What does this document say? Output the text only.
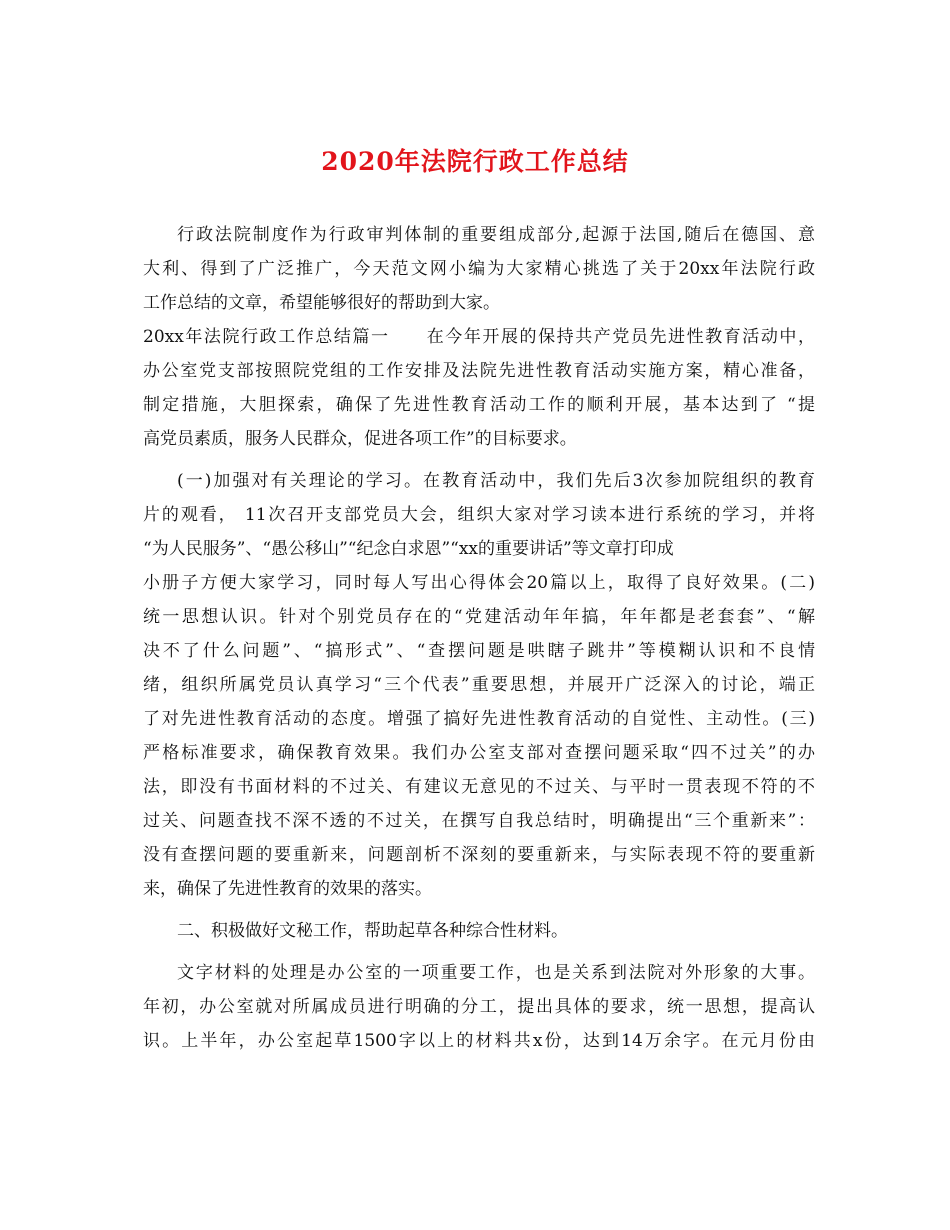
2020年法院行政工作总结
行政法院制度作为行政审判体制的重要组成部分,起源于法国,随后在德国、意
大利、得到了广泛推广，今天范文网小编为大家精心挑选了关于20xx年法院行政
工作总结的文章，希望能够很好的帮助到大家。
20xx年法院行政工作总结篇一　　在今年开展的保持共产党员先进性教育活动中，
办公室党支部按照院党组的工作安排及法院先进性教育活动实施方案，精心准备，
制定措施，大胆探索，确保了先进性教育活动工作的顺利开展，基本达到了 “提
高党员素质，服务人民群众，促进各项工作”的目标要求。
(一)加强对有关理论的学习。在教育活动中，我们先后3次参加院组织的教育
片的观看， 11次召开支部党员大会，组织大家对学习读本进行系统的学习，并将
“为人民服务”、“愚公移山”“纪念白求恩”“xx的重要讲话”等文章打印成
小册子方便大家学习，同时每人写出心得体会20篇以上，取得了良好效果。(二)
统一思想认识。针对个别党员存在的“党建活动年年搞，年年都是老套套”、“解
决不了什么问题”、“搞形式”、“查摆问题是哄瞎子跳井”等模糊认识和不良情
绪，组织所属党员认真学习“三个代表”重要思想，并展开广泛深入的讨论，端正
了对先进性教育活动的态度。增强了搞好先进性教育活动的自觉性、主动性。(三)
严格标准要求，确保教育效果。我们办公室支部对查摆问题采取“四不过关”的办
法，即没有书面材料的不过关、有建议无意见的不过关、与平时一贯表现不符的不
过关、问题查找不深不透的不过关，在撰写自我总结时，明确提出“三个重新来”：
没有查摆问题的要重新来，问题剖析不深刻的要重新来，与实际表现不符的要重新
来，确保了先进性教育的效果的落实。
二、积极做好文秘工作，帮助起草各种综合性材料。
文字材料的处理是办公室的一项重要工作，也是关系到法院对外形象的大事。
年初，办公室就对所属成员进行明确的分工，提出具体的要求，统一思想，提高认
识。上半年，办公室起草1500字以上的材料共x份，达到14万余字。在元月份由
